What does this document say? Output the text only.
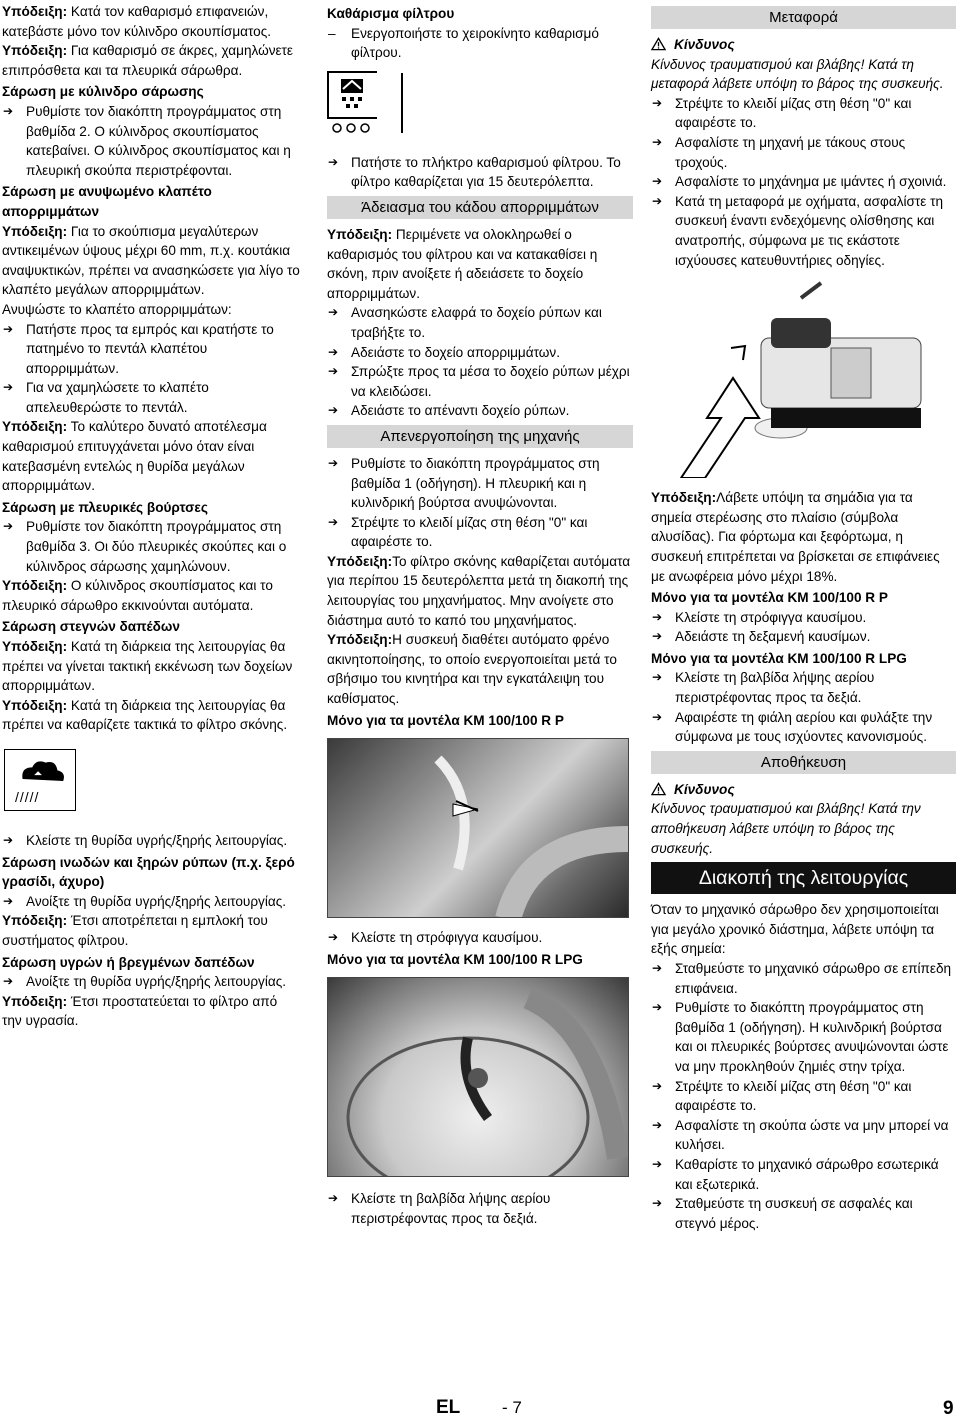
Υπόδειξη: Κατά τον καθαρισμό επιφανειών, κατεβάστε μόνο τον κύλινδρο σκουπίσματος.

Υπόδειξη: Για καθαρισμό σε άκρες, χαμηλώνετε επιπρόσθετα και τα πλευρικά σάρωθρα.

Σάρωση με κύλινδρο σάρωσης

➔ Ρυθμίστε τον διακόπτη προγράμματος στη βαθμίδα 2. Ο κύλινδρος σκουπίσματος κατεβαίνει. Ο κύλινδρος σκουπίσματος και η πλευρική σκούπα περιστρέφονται.

Σάρωση με ανυψωμένο κλαπέτο απορριμμάτων

Υπόδειξη: Για το σκούπισμα μεγαλύτερων αντικειμένων ύψους μέχρι 60 mm, π.χ. κουτάκια αναψυκτικών, πρέπει να ανασηκώσετε για λίγο το κλαπέτο μεγάλων απορριμμάτων.

Ανυψώστε το κλαπέτο απορριμμάτων:

➔ Πατήστε προς τα εμπρός και κρατήστε το πατημένο το πεντάλ κλαπέτου απορριμμάτων.

➔ Για να χαμηλώσετε το κλαπέτο απελευθερώστε το πεντάλ.

Υπόδειξη: Το καλύτερο δυνατό αποτέλεσμα καθαρισμού επιτυγχάνεται μόνο όταν είναι κατεβασμένη εντελώς η θυρίδα μεγάλων απορριμμάτων.

Σάρωση με πλευρικές βούρτσες

➔ Ρυθμίστε τον διακόπτη προγράμματος στη βαθμίδα 3. Οι δύο πλευρικές σκούπες και ο κύλινδρος σάρωσης χαμηλώνουν.

Υπόδειξη: Ο κύλινδρος σκουπίσματος και το πλευρικό σάρωθρο εκκινούνται αυτόματα.

Σάρωση στεγνών δαπέδων

Υπόδειξη: Κατά τη διάρκεια της λειτουργίας θα πρέπει να γίνεται τακτική εκκένωση των δοχείων απορριμμάτων.

Υπόδειξη: Κατά τη διάρκεια της λειτουργίας θα πρέπει να καθαρίζετε τακτικά το φίλτρο σκόνης.

/////

➔ Κλείστε τη θυρίδα υγρής/ξηρής λειτουργίας.

Σάρωση ινωδών και ξηρών ρύπων (π.χ. ξερό γρασίδι, άχυρο)

➔ Ανοίξτε τη θυρίδα υγρής/ξηρής λειτουργίας.

Υπόδειξη: Έτσι αποτρέπεται η εμπλοκή του συστήματος φίλτρου.

Σάρωση υγρών ή βρεγμένων δαπέδων

➔ Ανοίξτε τη θυρίδα υγρής/ξηρής λειτουργίας.

Υπόδειξη: Έτσι προστατεύεται το φίλτρο από την υγρασία.

Καθάρισμα φίλτρου

– Ενεργοποιήστε το χειροκίνητο καθαρισμό φίλτρου.

➔ Πατήστε το πλήκτρο καθαρισμού φίλτρου. Το φίλτρο καθαρίζεται για 15 δευτερόλεπτα.

Άδειασμα του κάδου απορριμμάτων

Υπόδειξη: Περιμένετε να ολοκληρωθεί ο καθαρισμός του φίλτρου και να κατακαθίσει η σκόνη, πριν ανοίξετε ή αδειάσετε το δοχείο απορριμμάτων.

➔ Ανασηκώστε ελαφρά το δοχείο ρύπων και τραβήξτε το.

➔ Αδειάστε το δοχείο απορριμμάτων.

➔ Σπρώξτε προς τα μέσα το δοχείο ρύπων μέχρι να κλειδώσει.

➔ Αδειάστε το απέναντι δοχείο ρύπων.

Απενεργοποίηση της μηχανής

➔ Ρυθμίστε το διακόπτη προγράμματος στη βαθμίδα 1 (οδήγηση). Η πλευρική και η κυλινδρική βούρτσα ανυψώνονται.

➔ Στρέψτε το κλειδί μίζας στη θέση "0" και αφαιρέστε το.

Υπόδειξη:Το φίλτρο σκόνης καθαρίζεται αυτόματα για περίπου 15 δευτερόλεπτα μετά τη διακοπή της λειτουργίας του μηχανήματος. Μην ανοίγετε στο διάστημα αυτό το καπό του μηχανήματος.

Υπόδειξη:Η συσκευή διαθέτει αυτόματο φρένο ακινητοποίησης, το οποίο ενεργοποιείται μετά το σβήσιμο του κινητήρα και την εγκατάλειψη του καθίσματος.

Μόνο για τα μοντέλα KM 100/100 R P

➔ Κλείστε τη στρόφιγγα καυσίμου.

Μόνο για τα μοντέλα KM 100/100 R LPG

➔ Κλείστε τη βαλβίδα λήψης αερίου περιστρέφοντας προς τα δεξιά.

Μεταφορά

Κίνδυνος

Κίνδυνος τραυματισμού και βλάβης! Κατά τη μεταφορά λάβετε υπόψη το βάρος της συσκευής.

➔ Στρέψτε το κλειδί μίζας στη θέση "0" και αφαιρέστε το.

➔ Ασφαλίστε τη μηχανή με τάκους στους τροχούς.

➔ Ασφαλίστε το μηχάνημα με ιμάντες ή σχοινιά.

➔ Κατά τη μεταφορά με οχήματα, ασφαλίστε τη συσκευή έναντι ενδεχόμενης ολίσθησης και ανατροπής, σύμφωνα με τις εκάστοτε ισχύουσες κατευθυντήριες οδηγίες.

Υπόδειξη:Λάβετε υπόψη τα σημάδια για τα σημεία στερέωσης στο πλαίσιο (σύμβολα αλυσίδας). Για φόρτωμα και ξεφόρτωμα, η συσκευή επιτρέπεται να βρίσκεται σε επιφάνειες με ανωφέρεια μόνο μέχρι 18%.

Μόνο για τα μοντέλα KM 100/100 R P

➔ Κλείστε τη στρόφιγγα καυσίμου.

➔ Αδειάστε τη δεξαμενή καυσίμων.

Μόνο για τα μοντέλα KM 100/100 R LPG

➔ Κλείστε τη βαλβίδα λήψης αερίου περιστρέφοντας προς τα δεξιά.

➔ Αφαιρέστε τη φιάλη αερίου και φυλάξτε την σύμφωνα με τους ισχύοντες κανονισμούς.

Αποθήκευση

Κίνδυνος

Κίνδυνος τραυματισμού και βλάβης! Κατά την αποθήκευση λάβετε υπόψη το βάρος της συσκευής.

Διακοπή της λειτουργίας

Όταν το μηχανικό σάρωθρο δεν χρησιμοποιείται για μεγάλο χρονικό διάστημα, λάβετε υπόψη τα εξής σημεία:

➔ Σταθμεύστε το μηχανικό σάρωθρο σε επίπεδη επιφάνεια.

➔ Ρυθμίστε το διακόπτη προγράμματος στη βαθμίδα 1 (οδήγηση). Η κυλινδρική βούρτσα και οι πλευρικές βούρτσες ανυψώνονται ώστε να μην προκληθούν ζημιές στην τρίχα.

➔ Στρέψτε το κλειδί μίζας στη θέση "0" και αφαιρέστε το.

➔ Ασφαλίστε τη σκούπα ώστε να μην μπορεί να κυλήσει.

➔ Καθαρίστε το μηχανικό σάρωθρο εσωτερικά και εξωτερικά.

➔ Σταθμεύστε τη συσκευή σε ασφαλές και στεγνό μέρος.

EL - 7	9
